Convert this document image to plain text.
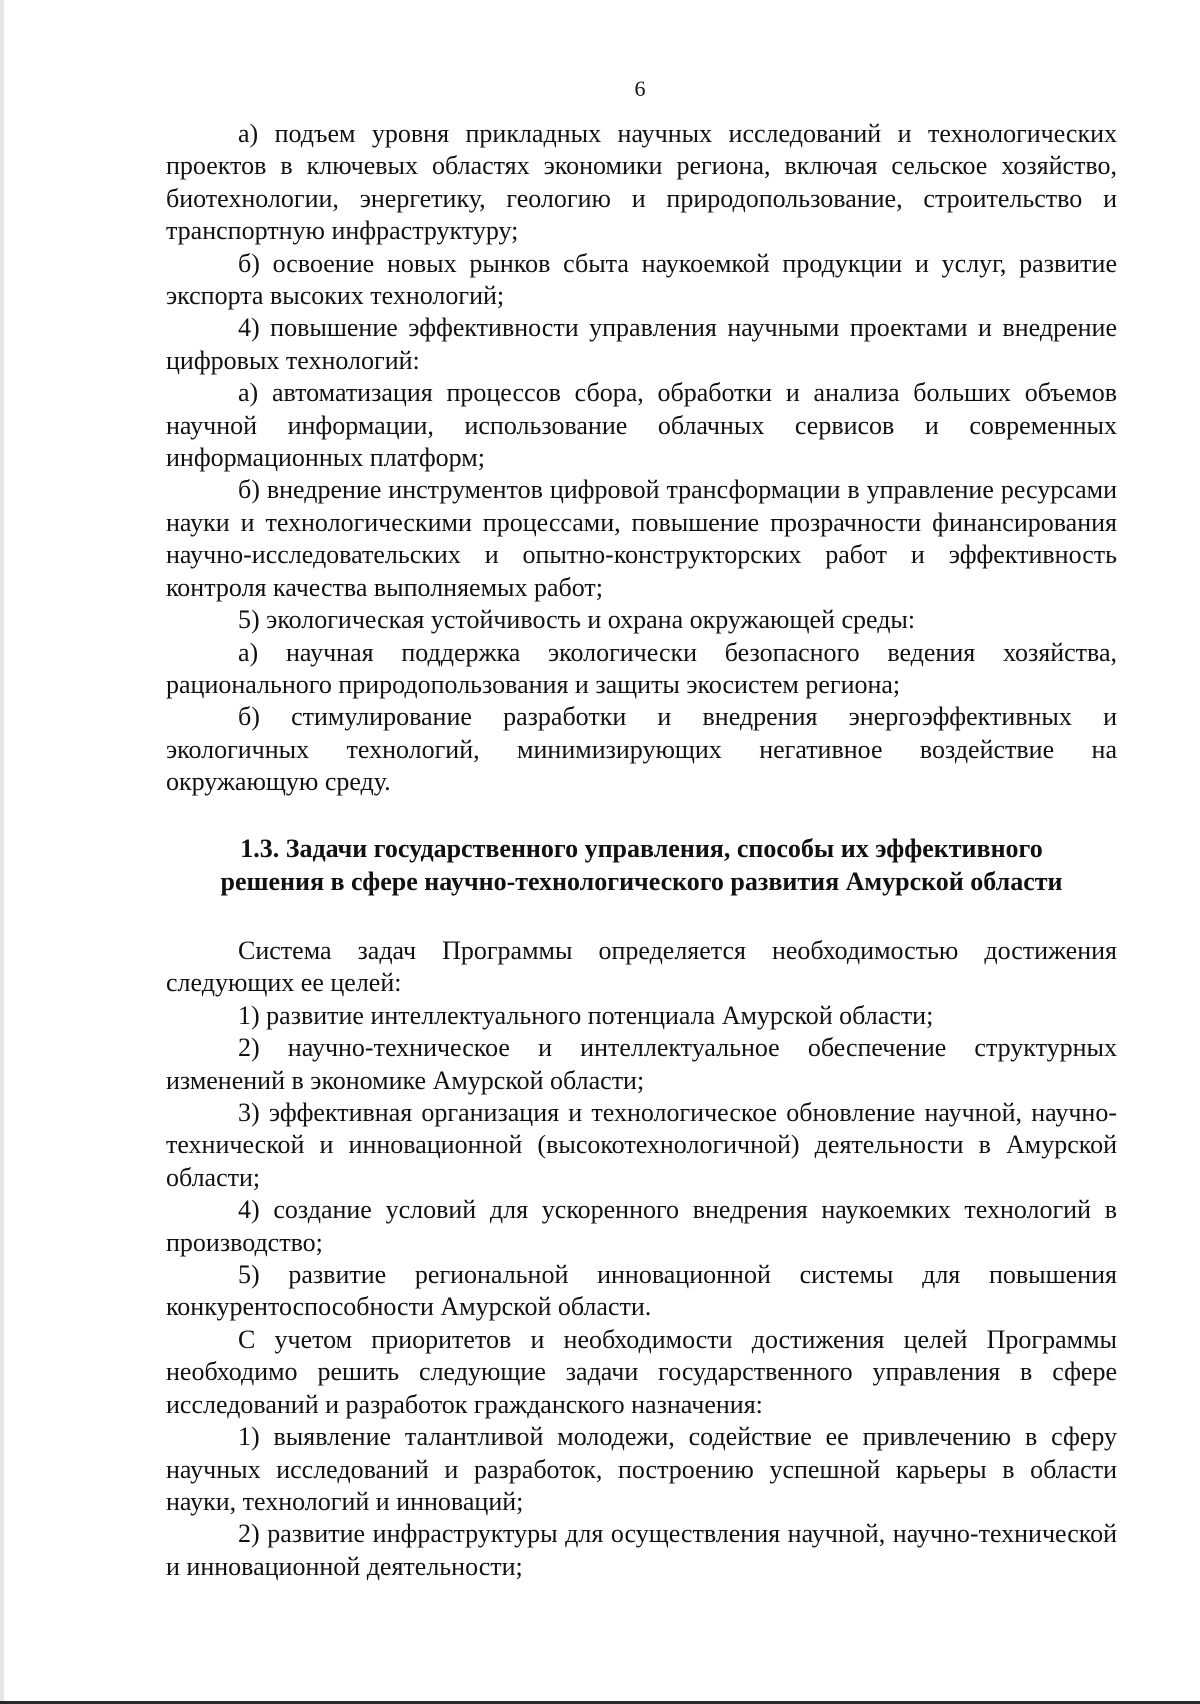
6

а) подъем уровня прикладных научных исследований и технологических проектов в ключевых областях экономики региона, включая сельское хозяйство, биотехнологии, энергетику, геологию и природопользование, строительство и транспортную инфраструктуру;

б) освоение новых рынков сбыта наукоемкой продукции и услуг, развитие экспорта высоких технологий;

4) повышение эффективности управления научными проектами и внедрение цифровых технологий:

а) автоматизация процессов сбора, обработки и анализа больших объемов научной информации, использование облачных сервисов и современных информационных платформ;

б) внедрение инструментов цифровой трансформации в управление ресурсами науки и технологическими процессами, повышение прозрачности финансирования научно-исследовательских и опытно-конструкторских работ и эффективность контроля качества выполняемых работ;

5) экологическая устойчивость и охрана окружающей среды:

а) научная поддержка экологически безопасного ведения хозяйства, рационального природопользования и защиты экосистем региона;

б) стимулирование разработки и внедрения энергоэффективных и экологичных технологий, минимизирующих негативное воздействие на окружающую среду.

1.3. Задачи государственного управления, способы их эффективного

решения в сфере научно-технологического развития Амурской области

Система задач Программы определяется необходимостью достижения следующих ее целей:

1) развитие интеллектуального потенциала Амурской области;

2) научно-техническое и интеллектуальное обеспечение структурных изменений в экономике Амурской области;

3) эффективная организация и технологическое обновление научной, научно-технической и инновационной (высокотехнологичной) деятельности в Амурской области;

4) создание условий для ускоренного внедрения наукоемких технологий в производство;

5) развитие региональной инновационной системы для повышения конкурентоспособности Амурской области.

С учетом приоритетов и необходимости достижения целей Программы необходимо решить следующие задачи государственного управления в сфере исследований и разработок гражданского назначения:

1) выявление талантливой молодежи, содействие ее привлечению в сферу научных исследований и разработок, построению успешной карьеры в области науки, технологий и инноваций;

2) развитие инфраструктуры для осуществления научной, научно-технической и инновационной деятельности;
